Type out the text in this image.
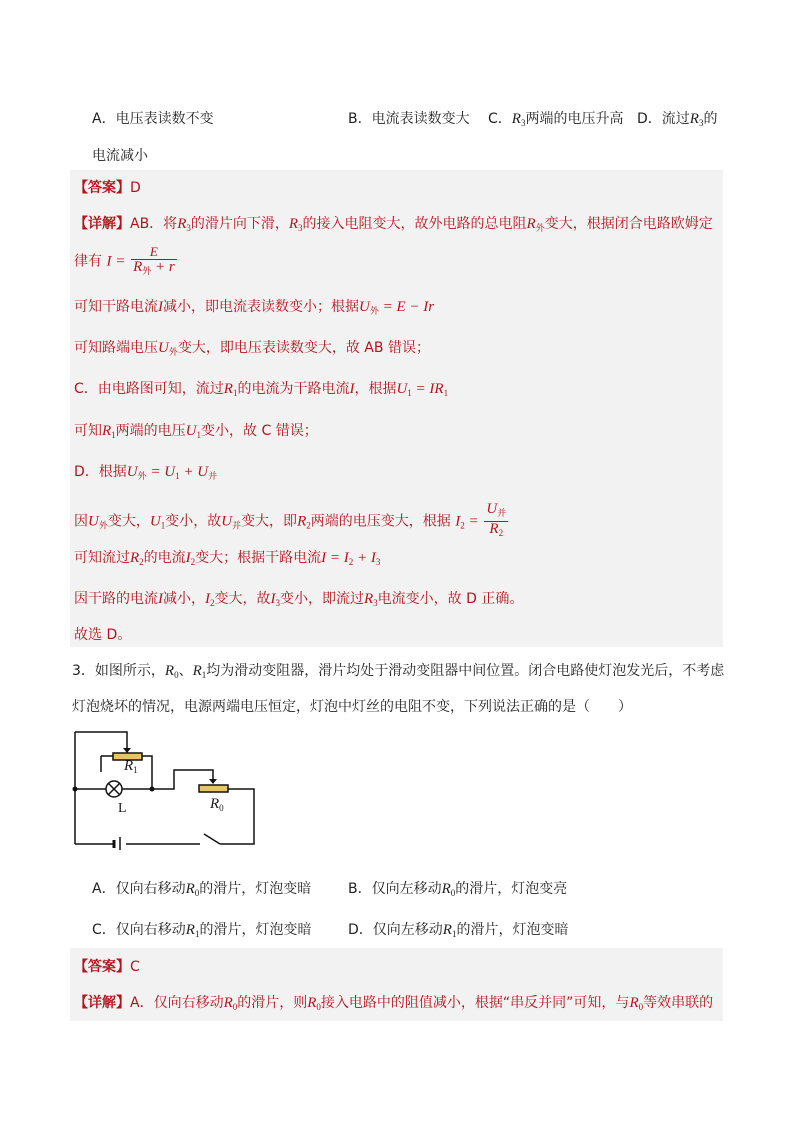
A．电压表读数不变	B．电流表读数变大 C．$R_3$两端的电压升高 D．流过$R_3$的
电流减小
【答案】D
【详解】AB．将$R_3$的滑片向下滑，$R_3$的接入电阻变大，故外电路的总电阻$R_外$变大，根据闭合电路欧姆定
律有 $I = \frac{E}{R_外 + r}$
可知干路电流I减小，即电流表读数变小；根据$U_外 = E - Ir$
可知路端电压$U_外$变大，即电压表读数变大，故 AB 错误；
C．由电路图可知，流过$R_1$的电流为干路电流I，根据$U_1 = IR_1$
可知$R_1$两端的电压$U_1$变小，故 C 错误；
D．根据$U_外 = U_1 + U_并$
因$U_外$变大，$U_1$变小，故$U_并$变大，即$R_2$两端的电压变大，根据 $I_2 = \frac{U_并}{R_2}$
可知流过$R_2$的电流$I_2$变大；根据干路电流$I = I_2 + I_3$
因干路的电流I减小，$I_2$变大，故$I_3$变小，即流过$R_3$电流变小，故 D 正确。
故选 D。
3．如图所示，$R_0$、$R_1$均为滑动变阻器，滑片均处于滑动变阻器中间位置。闭合电路使灯泡发光后，不考虑
灯泡烧坏的情况，电源两端电压恒定，灯泡中灯丝的电阻不变，下列说法正确的是（　　）
$R_1$
L	$R_0$
A．仅向右移动$R_0$的滑片，灯泡变暗	B．仅向左移动$R_0$的滑片，灯泡变亮
C．仅向右移动$R_1$的滑片，灯泡变暗	D．仅向左移动$R_1$的滑片，灯泡变暗
【答案】C
【详解】A．仅向右移动$R_0$的滑片，则$R_0$接入电路中的阻值减小，根据“串反并同”可知，与$R_0$等效串联的
